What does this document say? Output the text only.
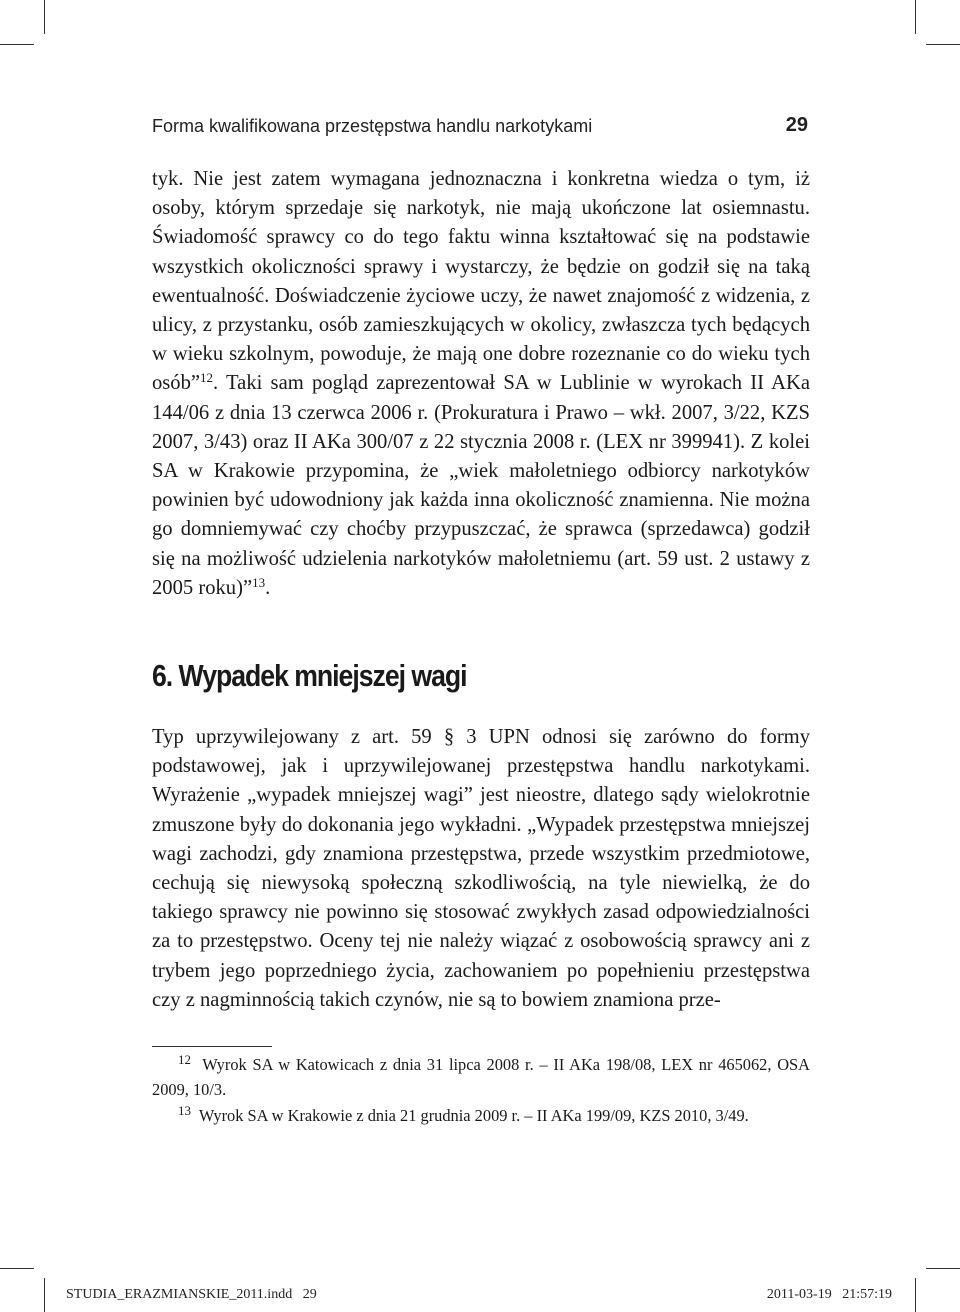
Forma kwalifikowana przestępstwa handlu narkotykami	29

tyk. Nie jest zatem wymagana jednoznaczna i konkretna wiedza o tym, iż osoby, którym sprzedaje się narkotyk, nie mają ukończone lat osiemnastu. Świadomość sprawcy co do tego faktu winna kształtować się na podstawie wszystkich okoliczności sprawy i wystarczy, że będzie on godził się na taką ewentualność. Doświadczenie życiowe uczy, że nawet znajomość z widzenia, z ulicy, z przystanku, osób zamieszkujących w okolicy, zwłaszcza tych będących w wieku szkolnym, powoduje, że mają one dobre rozeznanie co do wieku tych osób”$^{12}$. Taki sam pogląd zaprezentował SA w Lublinie w wyrokach II AKa 144/06 z dnia 13 czerwca 2006 r. (Prokuratura i Prawo – wkł. 2007, 3/22, KZS 2007, 3/43) oraz II AKa 300/07 z 22 stycznia 2008 r. (LEX nr 399941). Z kolei SA w Krakowie przypomina, że „wiek małoletniego odbiorcy narkotyków powinien być udowodniony jak każda inna okoliczność znamienna. Nie można go domniemywać czy choćby przypuszczać, że sprawca (sprzedawca) godził się na możliwość udzielenia narkotyków małoletniemu (art. 59 ust. 2 ustawy z 2005 roku)”$^{13}$.

6. Wypadek mniejszej wagi

Typ uprzywilejowany z art. 59 § 3 UPN odnosi się zarówno do formy podstawowej, jak i uprzywilejowanej przestępstwa handlu narkotykami. Wyrażenie „wypadek mniejszej wagi” jest nieostre, dlatego sądy wielokrotnie zmuszone były do dokonania jego wykładni. „Wypadek przestępstwa mniejszej wagi zachodzi, gdy znamiona przestępstwa, przede wszystkim przedmiotowe, cechują się niewysoką społeczną szkodliwością, na tyle niewielką, że do takiego sprawcy nie powinno się stosować zwykłych zasad odpowiedzialności za to przestępstwo. Oceny tej nie należy wiązać z osobowością sprawcy ani z trybem jego poprzedniego życia, zachowaniem po popełnieniu przestępstwa czy z nagminnością takich czynów, nie są to bowiem znamiona prze-

$^{12}$ Wyrok SA w Katowicach z dnia 31 lipca 2008 r. – II AKa 198/08, LEX nr 465062, OSA 2009, 10/3.

$^{13}$ Wyrok SA w Krakowie z dnia 21 grudnia 2009 r. – II AKa 199/09, KZS 2010, 3/49.

STUDIA_ERAZMIANSKIE_2011.indd   29	2011-03-19   21:57:19
